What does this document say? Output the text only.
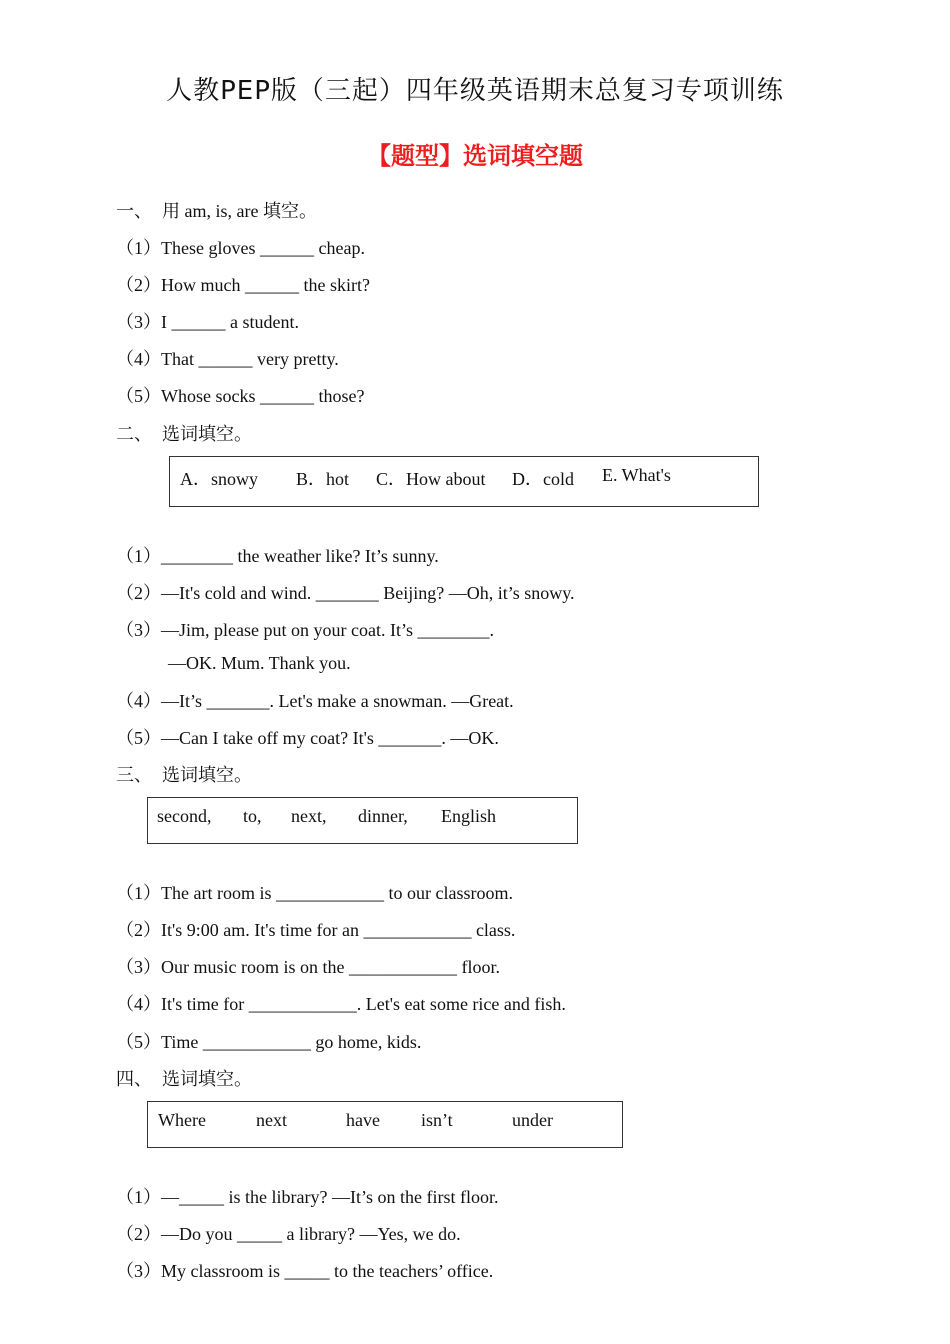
人教PEP版（三起）四年级英语期末总复习专项训练
【题型】选词填空题
一、 用 am, is, are 填空。
（1）These gloves ______ cheap.
（2）How much ______ the skirt?
（3）I ______ a student.
（4）That ______ very pretty.
（5）Whose socks ______ those?
二、 选词填空。
A．snowy B．hot C．How about D．cold E. What's
（1）________ the weather like? It’s sunny.
（2）—It's cold and wind. _______ Beijing? —Oh, it’s snowy.
（3）—Jim, please put on your coat. It’s ________.
—OK. Mum. Thank you.
（4）—It’s _______. Let's make a snowman. —Great.
（5）—Can I take off my coat? It's _______. —OK.
三、 选词填空。
second, to, next, dinner, English
（1）The art room is ____________ to our classroom.
（2）It's 9:00 am. It's time for an ____________ class.
（3）Our music room is on the ____________ floor.
（4）It's time for ____________. Let's eat some rice and fish.
（5）Time ____________ go home, kids.
四、 选词填空。
Where	next	have isn’t	under
（1）—_____ is the library? —It’s on the first floor.
（2）—Do you _____ a library? —Yes, we do.
（3）My classroom is _____ to the teachers’ office.
